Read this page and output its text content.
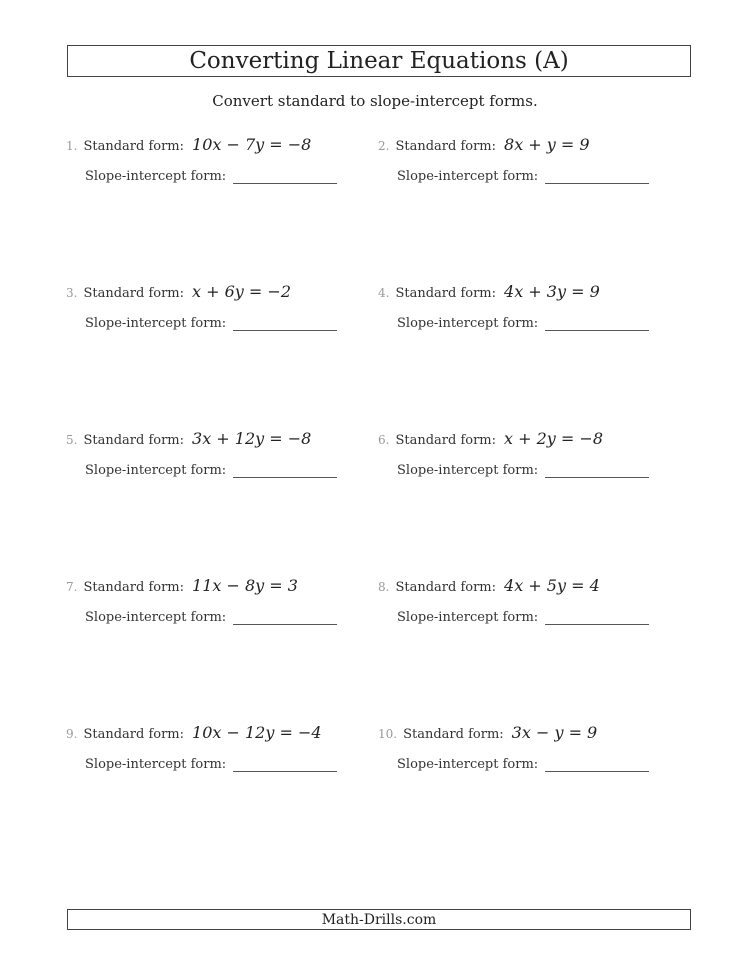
Converting Linear Equations (A)
Convert standard to slope-intercept forms.
1. Standard form: 10x − 7y = −8
Slope-intercept form:
2. Standard form: 8x + y = 9
Slope-intercept form:
3. Standard form: x + 6y = −2
Slope-intercept form:
4. Standard form: 4x + 3y = 9
Slope-intercept form:
5. Standard form: 3x + 12y = −8
Slope-intercept form:
6. Standard form: x + 2y = −8
Slope-intercept form:
7. Standard form: 11x − 8y = 3
Slope-intercept form:
8. Standard form: 4x + 5y = 4
Slope-intercept form:
9. Standard form: 10x − 12y = −4
Slope-intercept form:
10. Standard form: 3x − y = 9
Slope-intercept form:
Math-Drills.com
